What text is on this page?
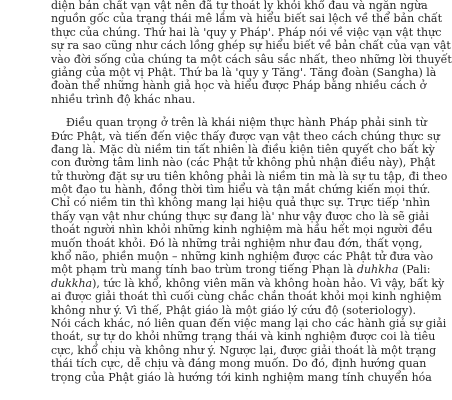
diện bản chất vạn vật nên đã tự thoát ly khỏi khổ đau và ngăn ngừa
nguồn gốc của trạng thái mê lầm và hiểu biết sai lệch về thể bản chất
thực của chúng. Thứ hai là 'quy y Pháp'. Pháp nói về việc vạn vật thực
sự ra sao cũng như cách lồng ghép sự hiểu biết về bản chất của vạn vật
vào đời sống của chúng ta một cách sâu sắc nhất, theo những lời thuyết
giảng của một vị Phật. Thứ ba là 'quy y Tăng'. Tăng đoàn (Sangha) là
đoàn thể những hành giả học và hiểu được Pháp bằng nhiều cách ở
nhiều trình độ khác nhau.
Điều quan trọng ở trên là khái niệm thực hành Pháp phải sinh từ
Đức Phật, và tiến đến việc thấy được vạn vật theo cách chúng thực sự
đang là. Mặc dù niềm tin tất nhiên là điều kiện tiên quyết cho bất kỳ
con đường tâm linh nào (các Phật tử không phủ nhận điều này), Phật
tử thường đặt sự ưu tiên không phải là niềm tin mà là sự tu tập, đi theo
một đạo tu hành, đồng thời tìm hiểu và tận mắt chứng kiến mọi thứ.
Chỉ có niềm tin thì không mang lại hiệu quả thực sự. Trực tiếp 'nhìn
thấy vạn vật như chúng thực sự đang là' như vậy được cho là sẽ giải
thoát người nhìn khỏi những kinh nghiệm mà hầu hết mọi người đều
muốn thoát khỏi. Đó là những trải nghiệm như đau đớn, thất vọng,
khổ não, phiền muộn – những kinh nghiệm được các Phật tử đưa vào
một phạm trù mang tính bao trùm trong tiếng Phạn là duhkha (Pali:
dukkha), tức là khổ, không viên mãn và không hoàn hảo. Vì vậy, bất kỳ
ai được giải thoát thì cuối cùng chắc chắn thoát khỏi mọi kinh nghiệm
không như ý. Vì thế, Phật giáo là một giáo lý cứu độ (soteriology).
Nói cách khác, nó liên quan đến việc mang lại cho các hành giả sự giải
thoát, sự tự do khỏi những trạng thái và kinh nghiệm được coi là tiêu
cực, khổ chịu và không như ý. Ngược lại, được giải thoát là một trạng
thái tích cực, dễ chịu và đáng mong muốn. Do đó, định hướng quan
trọng của Phật giáo là hướng tới kinh nghiệm mang tính chuyển hóa
